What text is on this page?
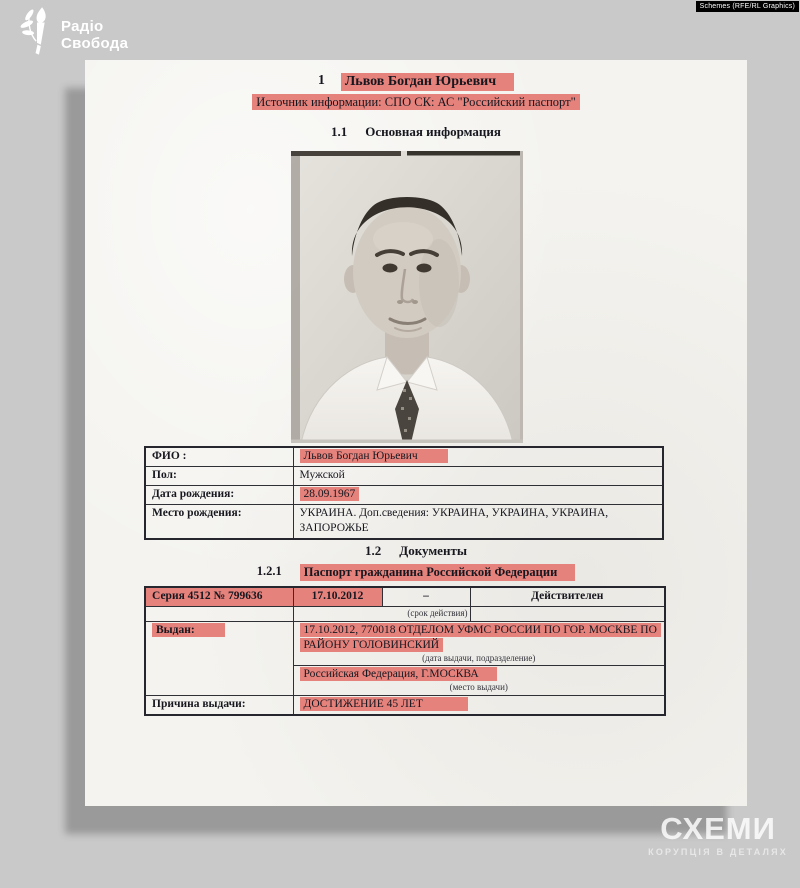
Schemes (RFE/RL Graphics)
Радіо
Свобода
1 Львов Богдан Юрьевич
Источник информации: СПО СК: АС "Российский паспорт"
1.1 Основная информация
ФИО :	Львов Богдан Юрьевич
Пол:	Мужской
Дата рождения:	28.09.1967
Место рождения:	УКРАИНА. Доп.сведения: УКРАИНА, УКРАИНА, УКРАИНА, ЗАПОРОЖЬЕ
1.2 Документы
1.2.1	Паспорт гражданина Российской Федерации
Серия 4512 № 799636	17.10.2012	–	Действителен
	(срок действия)		
Выдан:	17.10.2012, 770018 ОТДЕЛОМ УФМС РОССИИ ПО ГОР. МОСКВЕ ПО РАЙОНУ ГОЛОВИНСКИЙ
(дата выдачи, подразделение)		

	Российская Федерация, Г.МОСКВА
(место выдачи)		

Причина выдачи:	ДОСТИЖЕНИЕ 45 ЛЕТ		
СХЕМИ
КОРУПЦІЯ В ДЕТАЛЯХ
